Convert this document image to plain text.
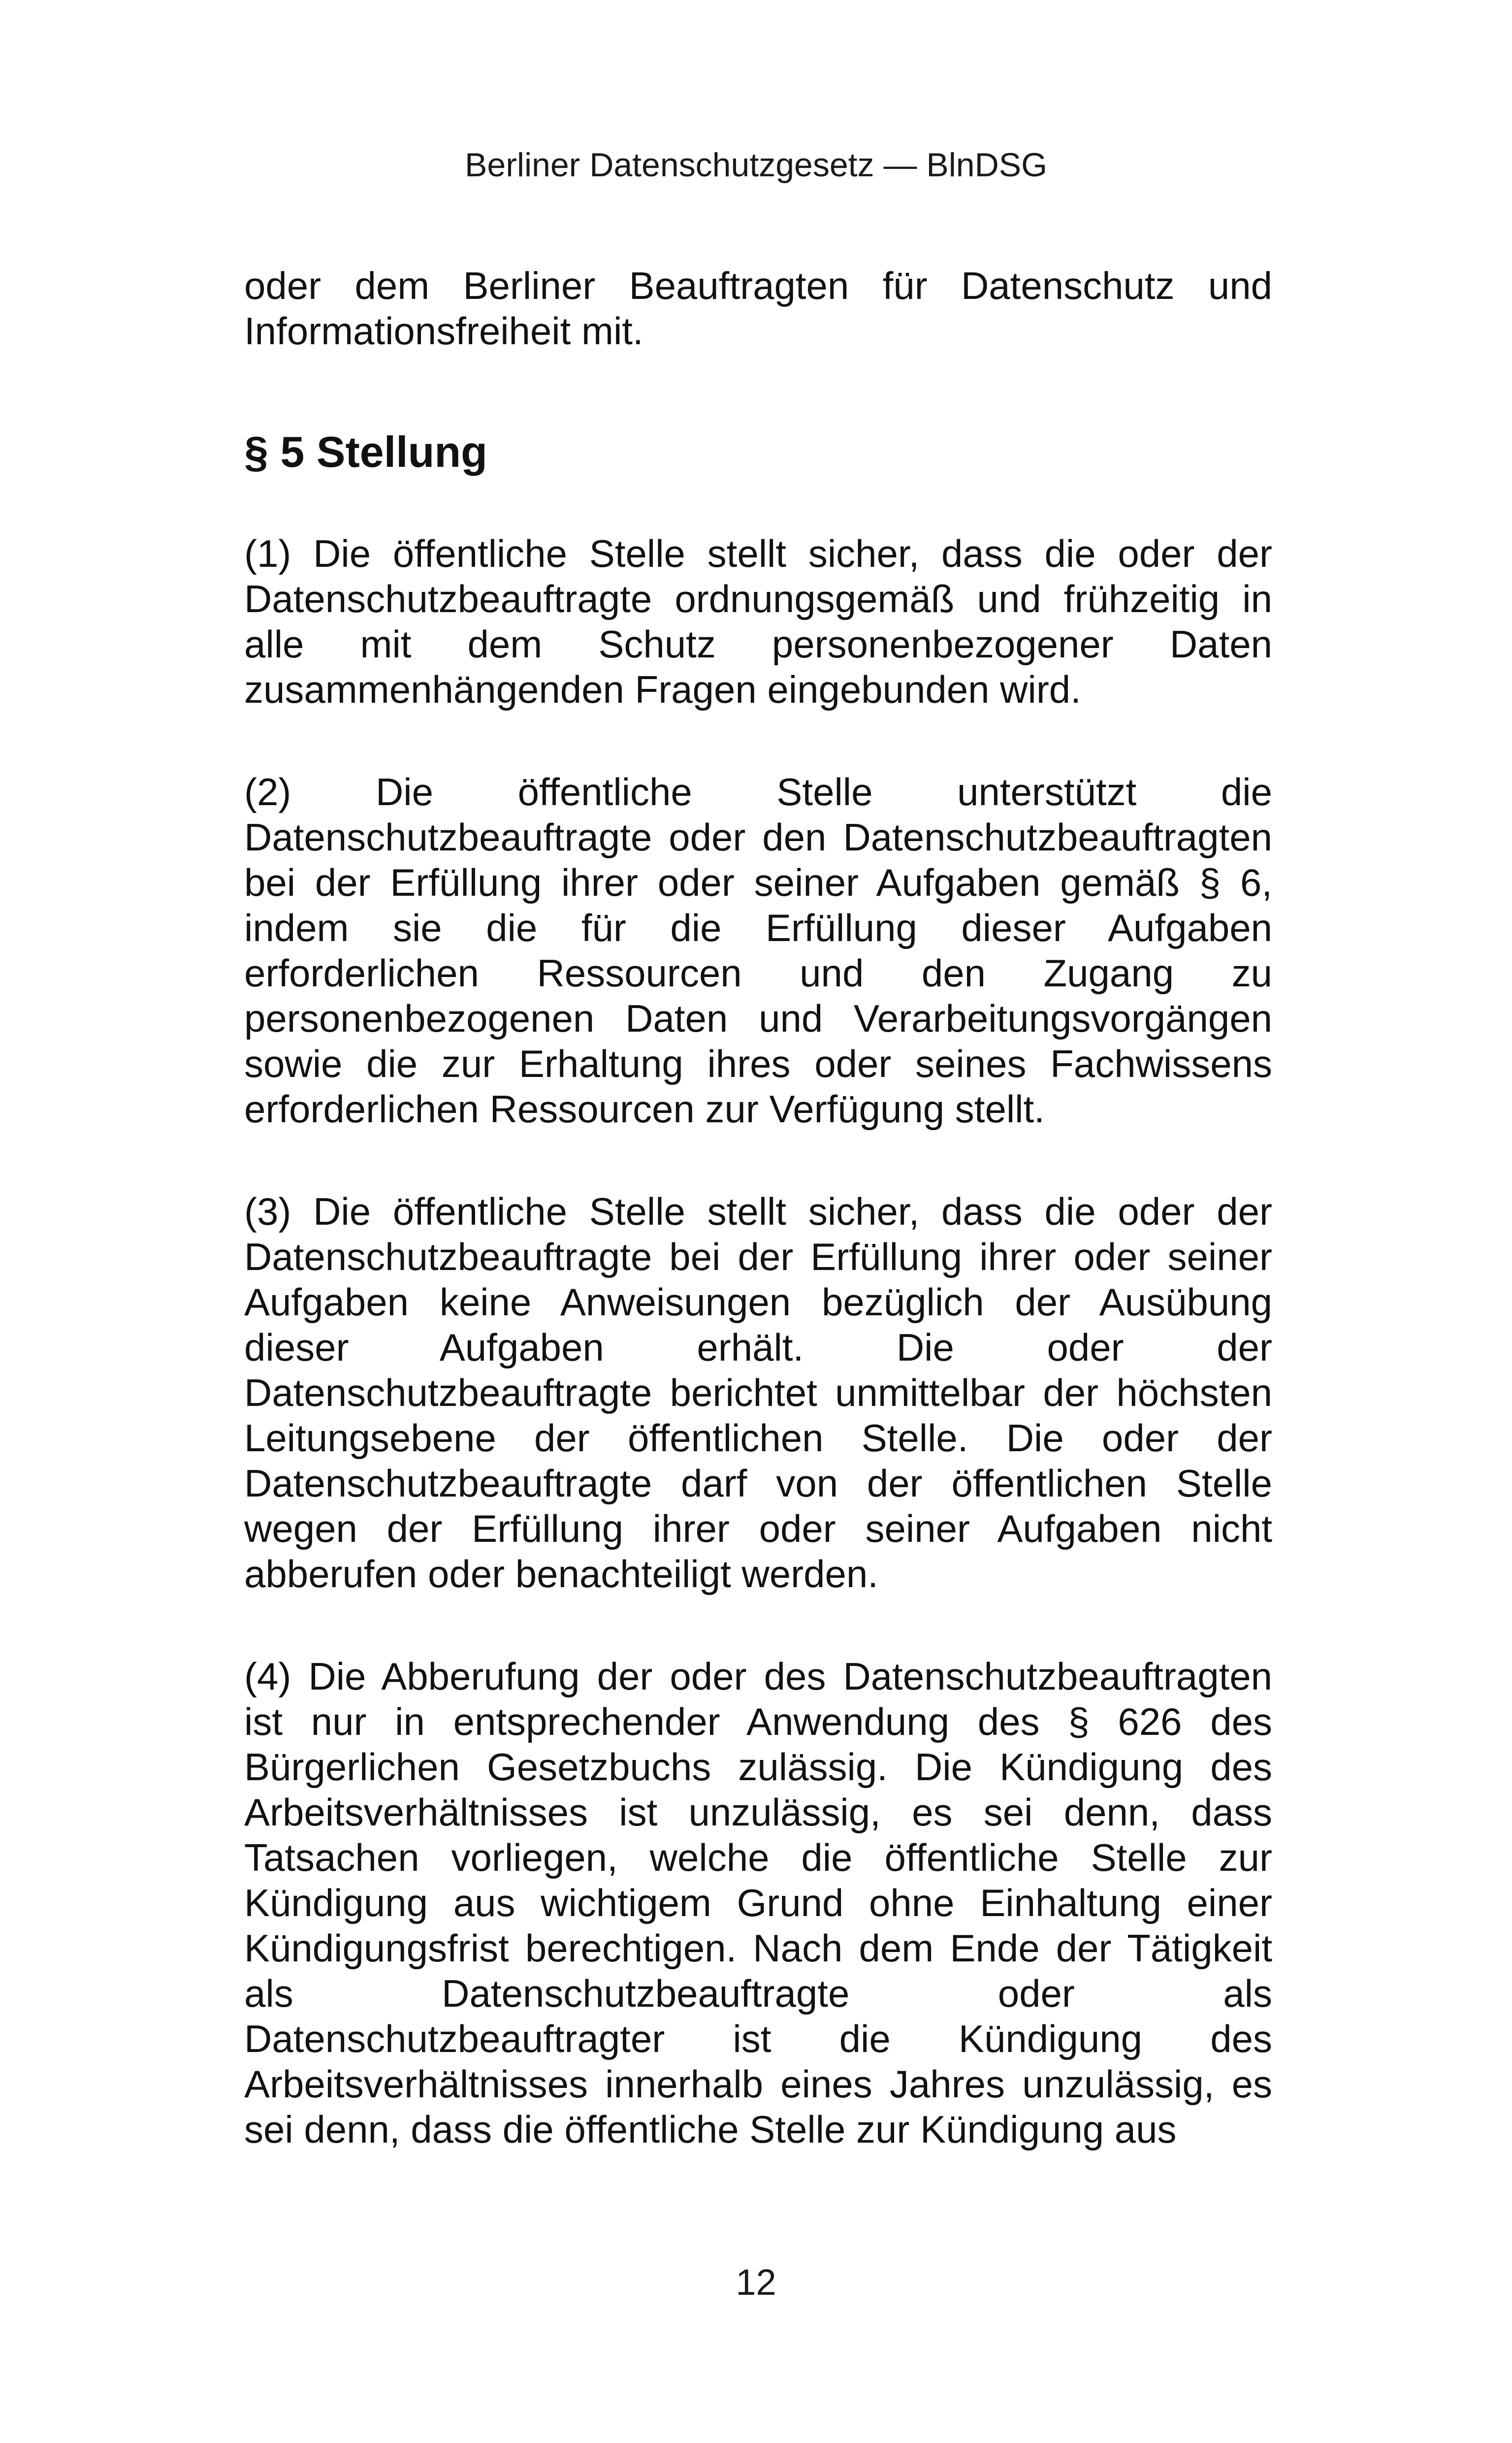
Berliner Datenschutzgesetz — BlnDSG

oder dem Berliner Beauftragten für Datenschutz und Informationsfreiheit mit.

§ 5 Stellung

(1) Die öffentliche Stelle stellt sicher, dass die oder der Datenschutzbeauftragte ordnungsgemäß und frühzeitig in alle mit dem Schutz personenbezogener Daten zusammenhängenden Fragen eingebunden wird.

(2) Die öffentliche Stelle unterstützt die Datenschutzbeauftragte oder den Datenschutzbeauftragten bei der Erfüllung ihrer oder seiner Aufgaben gemäß § 6, indem sie die für die Erfüllung dieser Aufgaben erforderlichen Ressourcen und den Zugang zu personenbezogenen Daten und Verarbeitungsvorgängen sowie die zur Erhaltung ihres oder seines Fachwissens erforderlichen Ressourcen zur Verfügung stellt.

(3) Die öffentliche Stelle stellt sicher, dass die oder der Datenschutzbeauftragte bei der Erfüllung ihrer oder seiner Aufgaben keine Anweisungen bezüglich der Ausübung dieser Aufgaben erhält. Die oder der Datenschutzbeauftragte berichtet unmittelbar der höchsten Leitungsebene der öffentlichen Stelle. Die oder der Datenschutzbeauftragte darf von der öffentlichen Stelle wegen der Erfüllung ihrer oder seiner Aufgaben nicht abberufen oder benachteiligt werden.

(4) Die Abberufung der oder des Datenschutzbeauftragten ist nur in entsprechender Anwendung des § 626 des Bürgerlichen Gesetzbuchs zulässig. Die Kündigung des Arbeitsverhältnisses ist unzulässig, es sei denn, dass Tatsachen vorliegen, welche die öffentliche Stelle zur Kündigung aus wichtigem Grund ohne Einhaltung einer Kündigungsfrist berechtigen. Nach dem Ende der Tätigkeit als Datenschutzbeauftragte oder als Datenschutzbeauftragter ist die Kündigung des Arbeitsverhältnisses innerhalb eines Jahres unzulässig, es sei denn, dass die öffentliche Stelle zur Kündigung aus

12
